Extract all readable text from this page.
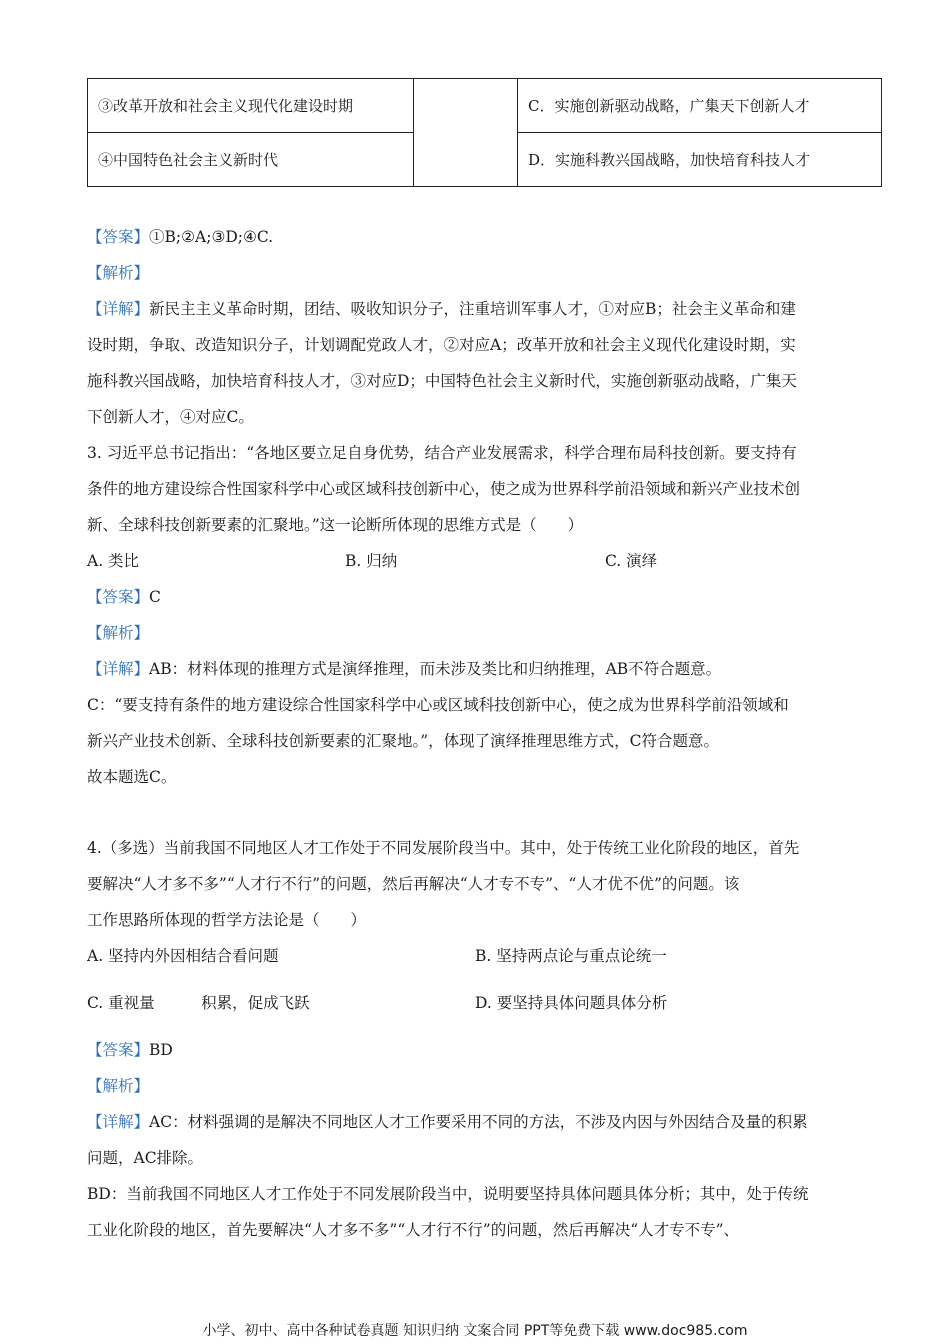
③改革开放和社会主义现代化建设时期		C．实施创新驱动战略，广集天下创新人才
④中国特色社会主义新时代		D．实施科教兴国战略，加快培育科技人才
【答案】①B;②A;③D;④C.
【解析】
【详解】新民主主义革命时期，团结、吸收知识分子，注重培训军事人才，①对应B；社会主义革命和建
设时期，争取、改造知识分子，计划调配党政人才，②对应A；改革开放和社会主义现代化建设时期，实
施科教兴国战略，加快培育科技人才，③对应D；中国特色社会主义新时代，实施创新驱动战略，广集天
下创新人才，④对应C。
3. 习近平总书记指出：“各地区要立足自身优势，结合产业发展需求，科学合理布局科技创新。要支持有
条件的地方建设综合性国家科学中心或区域科技创新中心，使之成为世界科学前沿领域和新兴产业技术创
新、全球科技创新要素的汇聚地。”这一论断所体现的思维方式是（　　）
A. 类比	B. 归纳	C. 演绎
【答案】C
【解析】
【详解】AB：材料体现的推理方式是演绎推理，而未涉及类比和归纳推理，AB不符合题意。
C：“要支持有条件的地方建设综合性国家科学中心或区域科技创新中心，使之成为世界科学前沿领域和
新兴产业技术创新、全球科技创新要素的汇聚地。”，体现了演绎推理思维方式，C符合题意。
故本题选C。
4.（多选）当前我国不同地区人才工作处于不同发展阶段当中。其中，处于传统工业化阶段的地区，首先
要解决“人才多不多”“人才行不行”的问题，然后再解决“人才专不专”、“人才优不优”的问题。该
工作思路所体现的哲学方法论是（　　）
A. 坚持内外因相结合看问题	B. 坚持两点论与重点论统一
C. 重视量　　　积累，促成飞跃	D. 要坚持具体问题具体分析
【答案】BD
【解析】
【详解】AC：材料强调的是解决不同地区人才工作要采用不同的方法，不涉及内因与外因结合及量的积累
问题，AC排除。
BD：当前我国不同地区人才工作处于不同发展阶段当中，说明要坚持具体问题具体分析；其中，处于传统
工业化阶段的地区，首先要解决“人才多不多”“人才行不行”的问题，然后再解决“人才专不专”、
小学、初中、高中各种试卷真题 知识归纳 文案合同 PPT等免费下载 www.doc985.com
